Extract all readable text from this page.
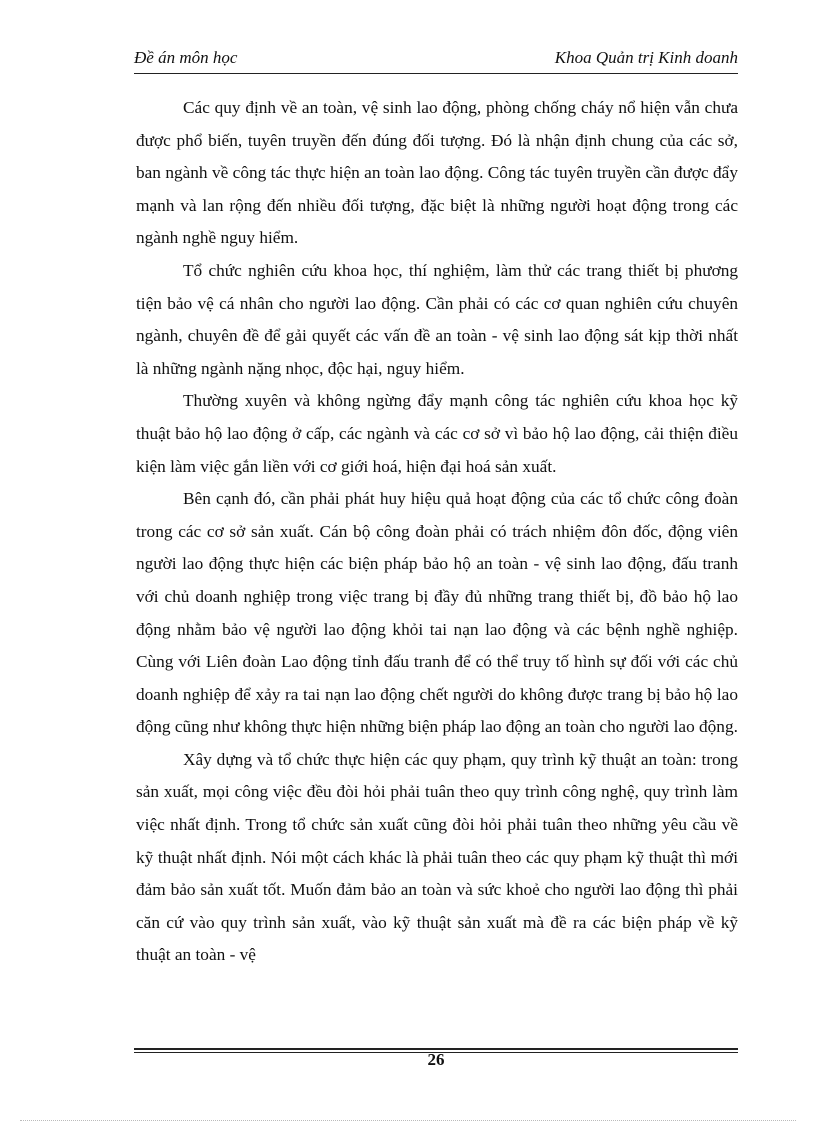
Đề án môn học	Khoa Quản trị Kinh doanh

Các quy định về an toàn, vệ sinh lao động, phòng chống cháy nổ hiện vẫn chưa được phổ biến, tuyên truyền đến đúng đối tượng. Đó là nhận định chung của các sở, ban ngành về công tác thực hiện an toàn lao động. Công tác tuyên truyền cần được đẩy mạnh và lan rộng đến nhiều đối tượng, đặc biệt là những người hoạt động trong các ngành nghề nguy hiểm.

Tổ chức nghiên cứu khoa học, thí nghiệm, làm thử các trang thiết bị phương tiện bảo vệ cá nhân cho người lao động. Cần phải có các cơ quan nghiên cứu chuyên ngành, chuyên đề để gải quyết các vấn đề an toàn - vệ sinh lao động sát kịp thời nhất là những ngành nặng nhọc, độc hại, nguy hiểm.

Thường xuyên và không ngừng đẩy mạnh công tác nghiên cứu khoa học kỹ thuật bảo hộ lao động ở cấp, các ngành và các cơ sở vì bảo hộ lao động, cải thiện điều kiện làm việc gắn liền với cơ giới hoá, hiện đại hoá sản xuất.

Bên cạnh đó, cần phải phát huy hiệu quả hoạt động của các tổ chức công đoàn trong các cơ sở sản xuất. Cán bộ công đoàn phải có trách nhiệm đôn đốc, động viên người lao động thực hiện các biện pháp bảo hộ an toàn - vệ sinh lao động, đấu tranh với chủ doanh nghiệp trong việc trang bị đầy đủ những trang thiết bị, đồ bảo hộ lao động nhằm bảo vệ người lao động khỏi tai nạn lao động và các bệnh nghề nghiệp. Cùng với Liên đoàn Lao động tỉnh đấu tranh để có thể truy tố hình sự đối với các chủ doanh nghiệp để xảy ra tai nạn lao động chết người do không được trang bị bảo hộ lao động cũng như không thực hiện những biện pháp lao động an toàn cho người lao động.

Xây dựng và tổ chức thực hiện các quy phạm, quy trình kỹ thuật an toàn: trong sản xuất, mọi công việc đều đòi hỏi phải tuân theo quy trình công nghệ, quy trình làm việc nhất định. Trong tổ chức sản xuất cũng đòi hỏi phải tuân theo những yêu cầu về kỹ thuật nhất định. Nói một cách khác là phải tuân theo các quy phạm kỹ thuật thì mới đảm bảo sản xuất tốt. Muốn đảm bảo an toàn và sức khoẻ cho người lao động thì phải căn cứ vào quy trình sản xuất, vào kỹ thuật sản xuất mà đề ra các biện pháp về kỹ thuật an toàn - vệ

26
